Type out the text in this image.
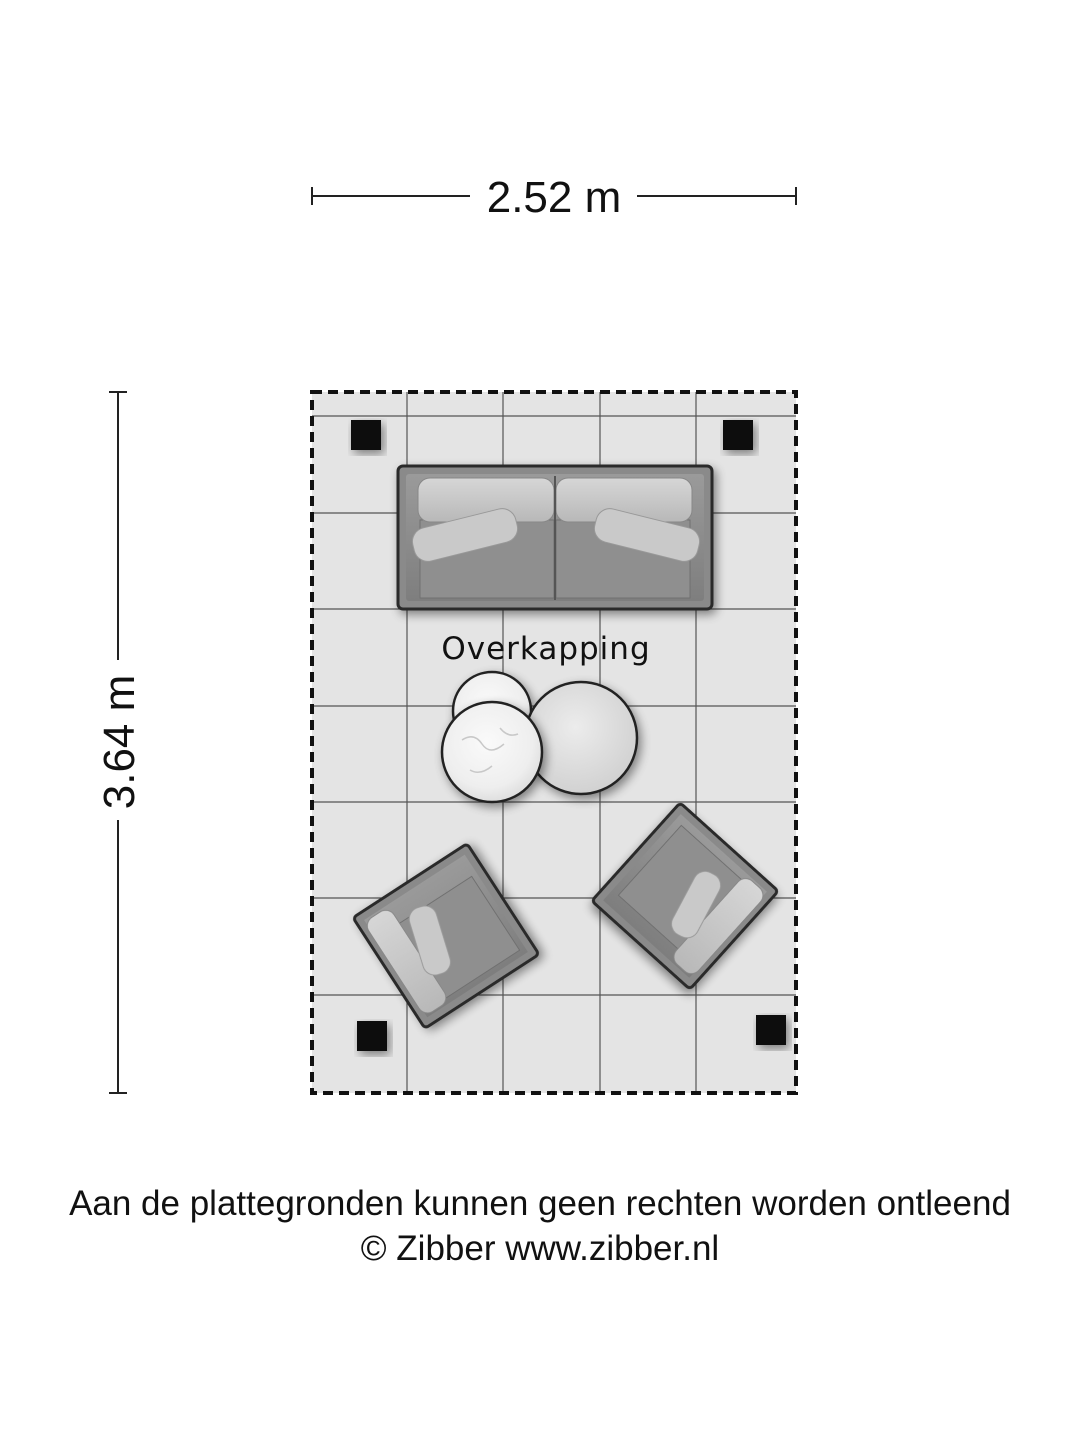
2.52 m
3.64 m
Overkapping
Aan de plattegronden kunnen geen rechten worden ontleend
© Zibber www.zibber.nl
